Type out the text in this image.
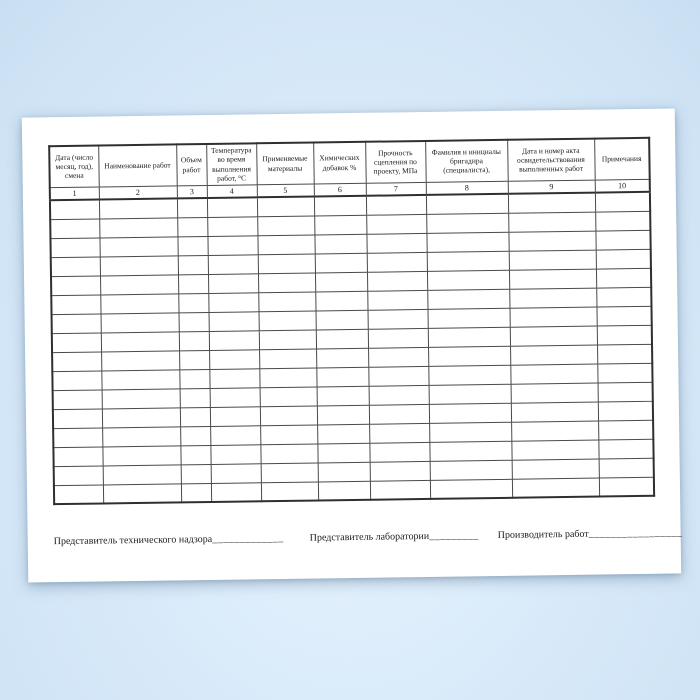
Дата (число месяц, год), смена	Наименование работ	Объем работ	Температура во время выполнения работ, °С	Применяемые материалы	Химических добавок %	Прочность сцепления по проекту, МПа	Фамилия и инициалы бригадира (специалиста),	Дата и номер акта освидетельствования выполненных работ	Примечания
1	2	3	4	5	6	7	8	9	10

Представитель технического надзора_____________	Представитель лаборатории_________ Производитель работ_________________
